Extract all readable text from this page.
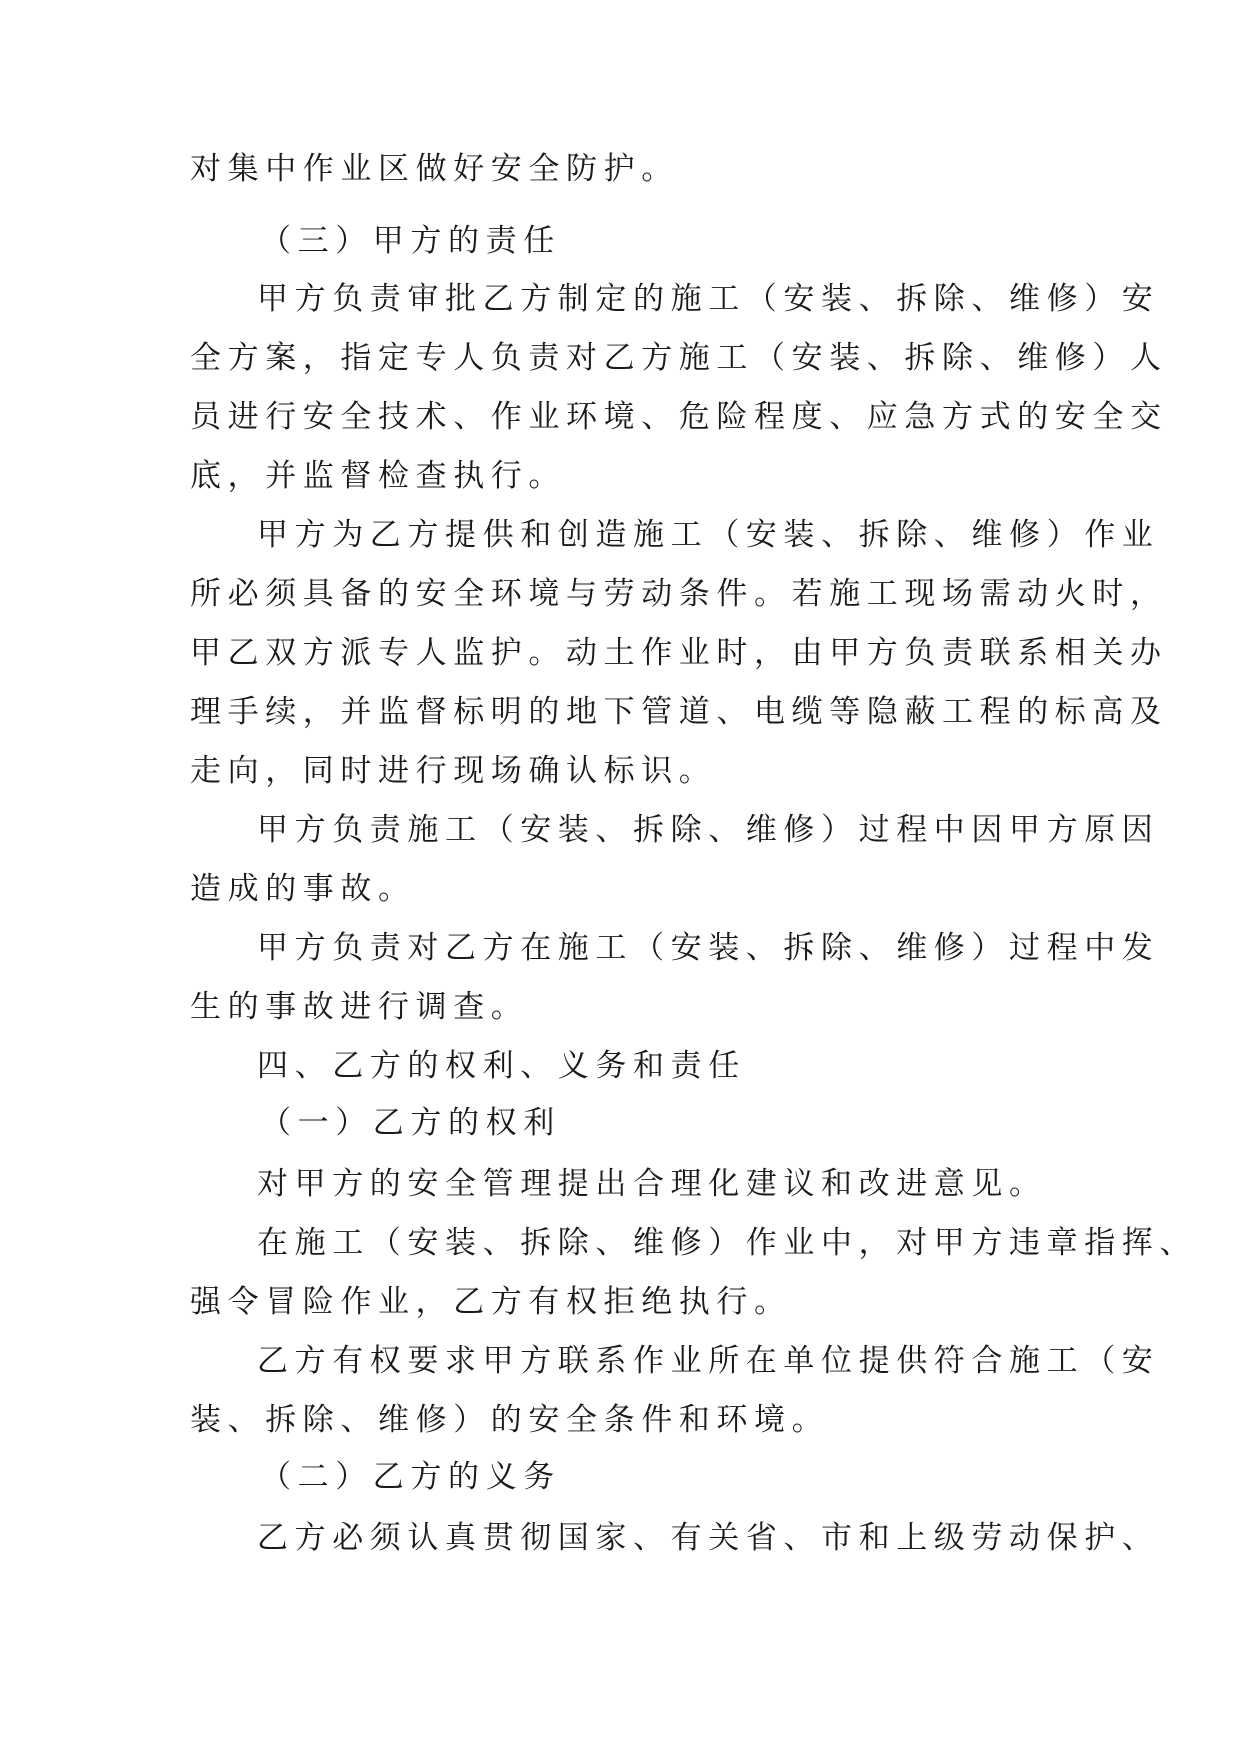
对集中作业区做好安全防护。
（三）甲方的责任
甲方负责审批乙方制定的施工（安装、拆除、维修）安
全方案，指定专人负责对乙方施工（安装、拆除、维修）人
员进行安全技术、作业环境、危险程度、应急方式的安全交
底，并监督检查执行。
甲方为乙方提供和创造施工（安装、拆除、维修）作业
所必须具备的安全环境与劳动条件。若施工现场需动火时，
甲乙双方派专人监护。动土作业时，由甲方负责联系相关办
理手续，并监督标明的地下管道、电缆等隐蔽工程的标高及
走向，同时进行现场确认标识。
甲方负责施工（安装、拆除、维修）过程中因甲方原因
造成的事故。
甲方负责对乙方在施工（安装、拆除、维修）过程中发
生的事故进行调查。
四、乙方的权利、义务和责任
（一）乙方的权利
对甲方的安全管理提出合理化建议和改进意见。
在施工（安装、拆除、维修）作业中，对甲方违章指挥、
强令冒险作业，乙方有权拒绝执行。
乙方有权要求甲方联系作业所在单位提供符合施工（安
装、拆除、维修）的安全条件和环境。
（二）乙方的义务
乙方必须认真贯彻国家、有关省、市和上级劳动保护、
